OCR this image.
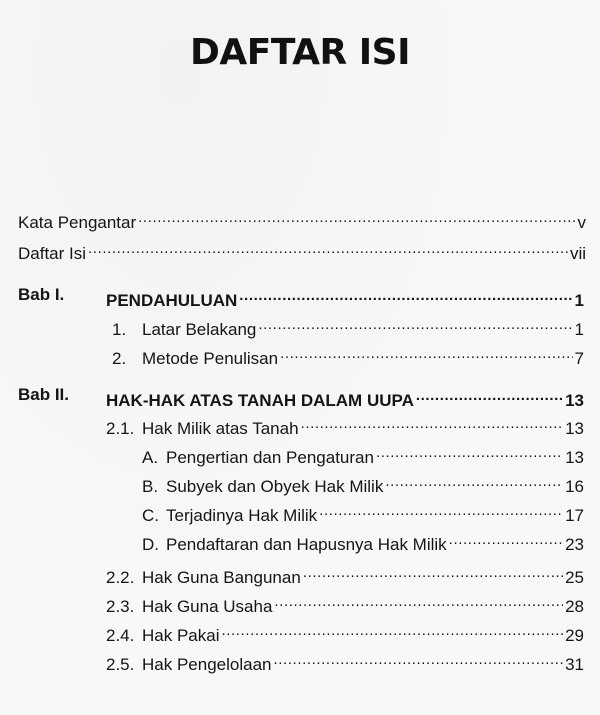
DAFTAR ISI
Kata Pengantar .....	v
Daftar Isi .....	vii
Bab I. PENDAHULUAN .....	1
1. Latar Belakang .....	1
2. Metode Penulisan .....	7
Bab II. HAK-HAK ATAS TANAH DALAM UUPA .....	13
2.1. Hak Milik atas Tanah .....	13
A. Pengertian dan Pengaturan .....	13
B. Subyek dan Obyek Hak Milik .....	16
C. Terjadinya Hak Milik .....	17
D. Pendaftaran dan Hapusnya Hak Milik .....	23
2.2. Hak Guna Bangunan .....	25
2.3. Hak Guna Usaha .....	28
2.4. Hak Pakai .....	29
2.5. Hak Pengelolaan .....	31
